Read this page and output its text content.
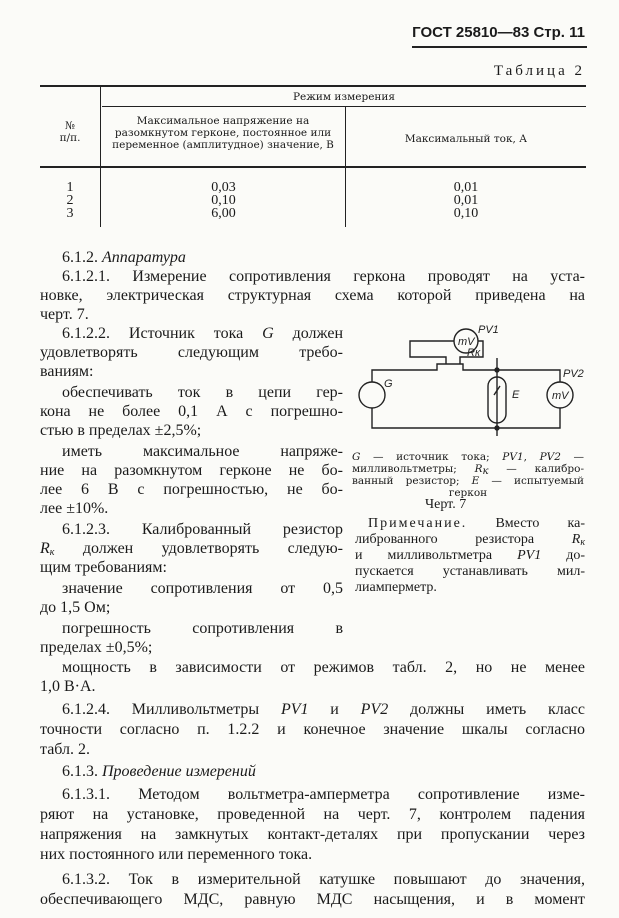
ГОСТ 25810—83 Стр. 11
Таблица 2
№
п/п.
Режим измерения
Максимальное напряжение на разомкнутом герконе, постоянное или переменное (амплитудное) значение, В	Максимальный ток, А
1	0,03	0,01
2	0,10	0,01
3	6,00	0,10
6.1.2. Аппаратура
6.1.2.1. Измерение сопротивления геркона проводят на уста-
новке, электрическая структурная схема которой приведена на
черт. 7.
6.1.2.2. Источник тока G должен
удовлетворять следующим требо-
ваниям:
обеспечивать ток в цепи гер-
кона не более 0,1 А с погрешно-
стью в пределах ±2,5%;
иметь максимальное напряже-
ние на разомкнутом герконе не бо-
лее 6 В с погрешностью, не бо-
лее ±10%.
6.1.2.3. Калиброванный резистор
$R_к$ должен удовлетворять следую-
щим требованиям:
значение сопротивления от 0,5
до 1,5 Ом;
погрешность сопротивления в
пределах ±0,5%;
мощность в зависимости от режимов табл. 2, но не менее
1,0 В·А.
6.1.2.4. Милливольтметры PV1 и PV2 должны иметь класс
точности согласно п. 1.2.2 и конечное значение шкалы согласно
табл. 2.
6.1.3. Проведение измерений
6.1.3.1. Методом вольтметра-амперметра сопротивление изме-
ряют на установке, проведенной на черт. 7, контролем падения
напряжения на замкнутых контакт-деталях при пропускании через
них постоянного или переменного тока.
6.1.3.2. Ток в измерительной катушке повышают до значения,
обеспечивающего МДС, равную МДС насыщения, и в момент
mV
mV
PV1
PV2
Rк
G
E
G — источник тока; PV1, PV2 —
милливольтметры; $R_к$ — калибро-
ванный резистор; E — испытуемый
геркон
Примечание. Вместо ка-
либрованного резистора $R_к$
и милливольтметра PV1 до-
пускается устанавливать мил-
лиамперметр.
Черт. 7
